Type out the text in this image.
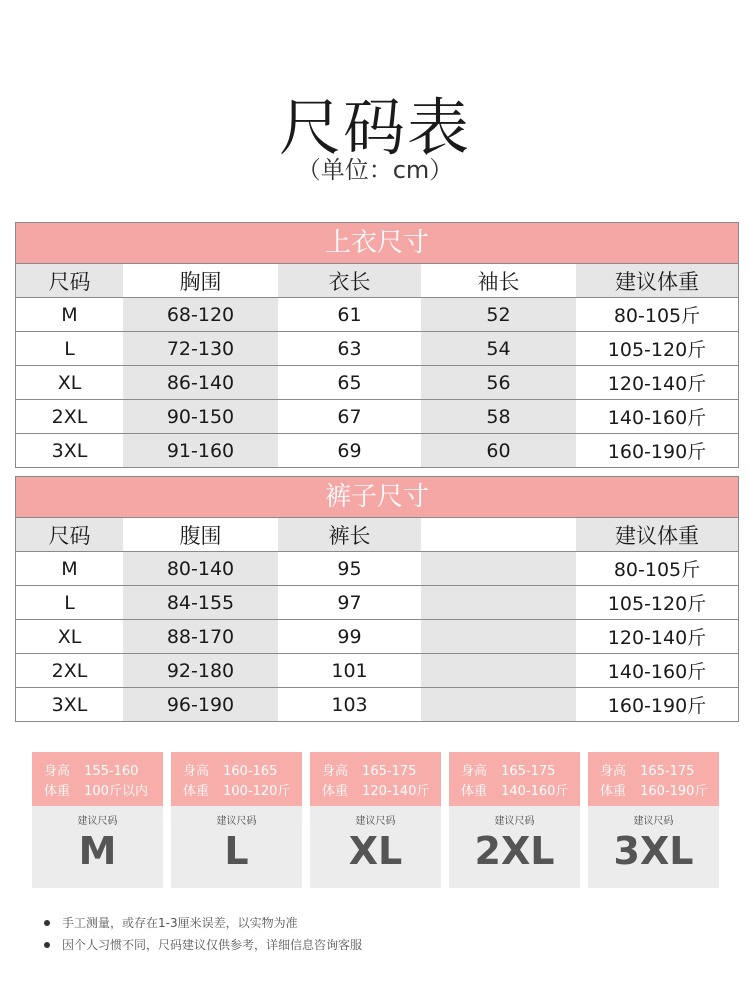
尺码表
（单位：cm）
上衣尺寸
尺码	胸围	衣长	袖长	建议体重
M	68-120	61	52	80-105斤
L	72-130	63	54	105-120斤
XL	86-140	65	56	120-140斤
2XL	90-150	67	58	140-160斤
3XL	91-160	69	60	160-190斤
裤子尺寸
尺码	腹围	裤长	建议体重
M	80-140	95	80-105斤
L	84-155	97	105-120斤
XL	88-170	99	120-140斤
2XL	92-180	101	140-160斤
3XL	96-190	103	160-190斤
身高 155-160
体重 100斤以内
建议尺码
M
身高 160-165
体重 100-120斤
建议尺码
L
身高 165-175
体重 120-140斤
建议尺码
XL
身高 165-175
体重 140-160斤
建议尺码
2XL
身高 165-175
体重 160-190斤
建议尺码
3XL
手工测量，或存在1-3厘米误差，以实物为准
因个人习惯不同，尺码建议仅供参考，详细信息咨询客服
